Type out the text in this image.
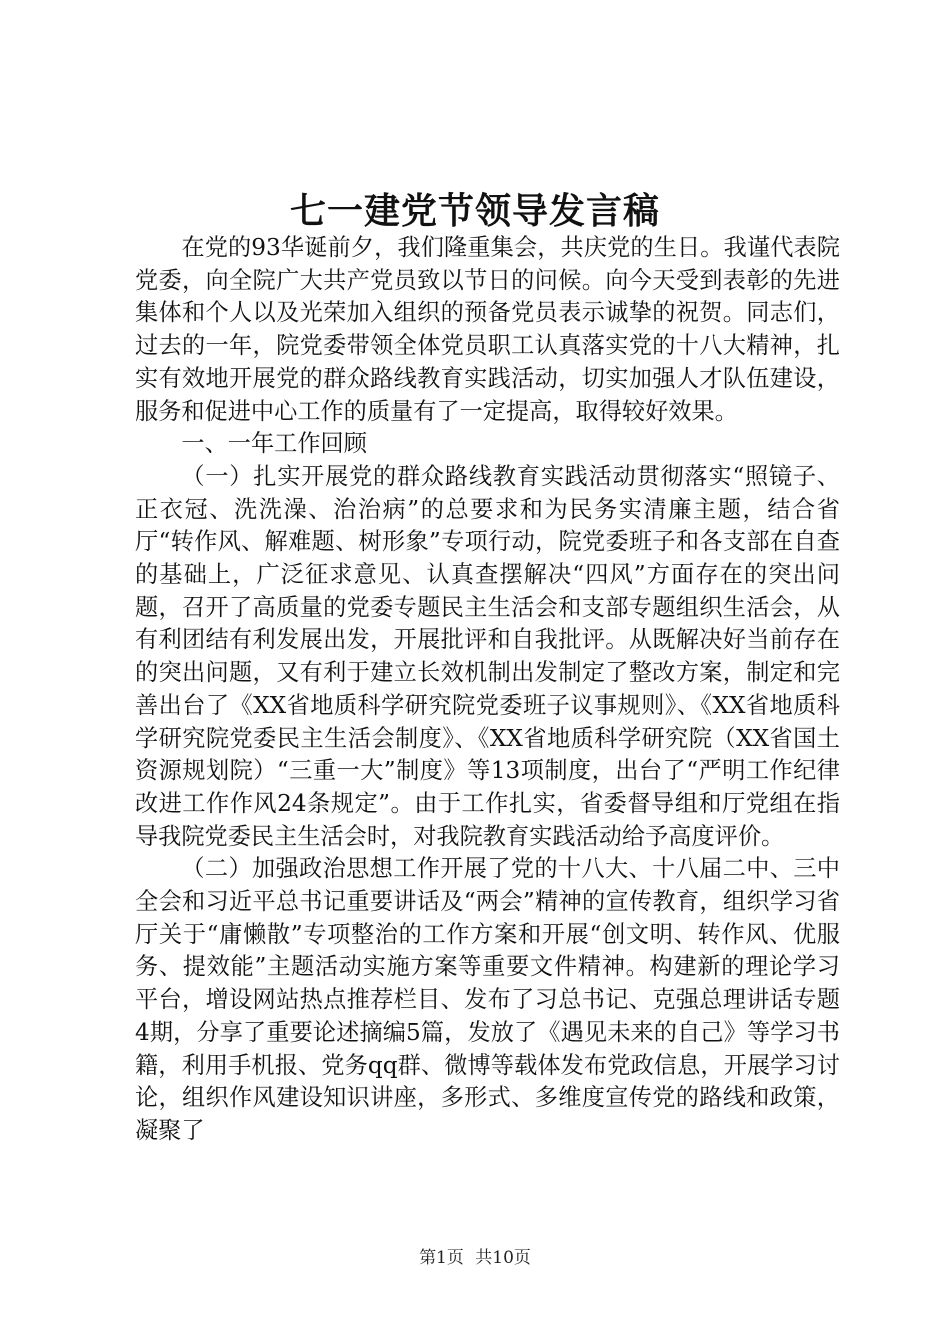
七一建党节领导发言稿

在党的93华诞前夕，我们隆重集会，共庆党的生日。我谨代表院党委，向全院广大共产党员致以节日的问候。向今天受到表彰的先进集体和个人以及光荣加入组织的预备党员表示诚挚的祝贺。同志们，过去的一年，院党委带领全体党员职工认真落实党的十八大精神，扎实有效地开展党的群众路线教育实践活动，切实加强人才队伍建设，服务和促进中心工作的质量有了一定提高，取得较好效果。

一、一年工作回顾

（一）扎实开展党的群众路线教育实践活动贯彻落实“照镜子、正衣冠、洗洗澡、治治病”的总要求和为民务实清廉主题，结合省厅“转作风、解难题、树形象”专项行动，院党委班子和各支部在自查的基础上，广泛征求意见、认真查摆解决“四风”方面存在的突出问题，召开了高质量的党委专题民主生活会和支部专题组织生活会，从有利团结有利发展出发，开展批评和自我批评。从既解决好当前存在的突出问题，又有利于建立长效机制出发制定了整改方案，制定和完善出台了《XX省地质科学研究院党委班子议事规则》、《XX省地质科学研究院党委民主生活会制度》、《XX省地质科学研究院（XX省国土资源规划院）“三重一大”制度》等13项制度，出台了“严明工作纪律改进工作作风24条规定”。由于工作扎实，省委督导组和厅党组在指导我院党委民主生活会时，对我院教育实践活动给予高度评价。

（二）加强政治思想工作开展了党的十八大、十八届二中、三中全会和习近平总书记重要讲话及“两会”精神的宣传教育，组织学习省厅关于“庸懒散”专项整治的工作方案和开展“创文明、转作风、优服务、提效能”主题活动实施方案等重要文件精神。构建新的理论学习平台，增设网站热点推荐栏目、发布了习总书记、克强总理讲话专题4期，分享了重要论述摘编5篇，发放了《遇见未来的自己》等学习书籍，利用手机报、党务qq群、微博等载体发布党政信息，开展学习讨论，组织作风建设知识讲座，多形式、多维度宣传党的路线和政策，凝聚了

第1页 共10页
